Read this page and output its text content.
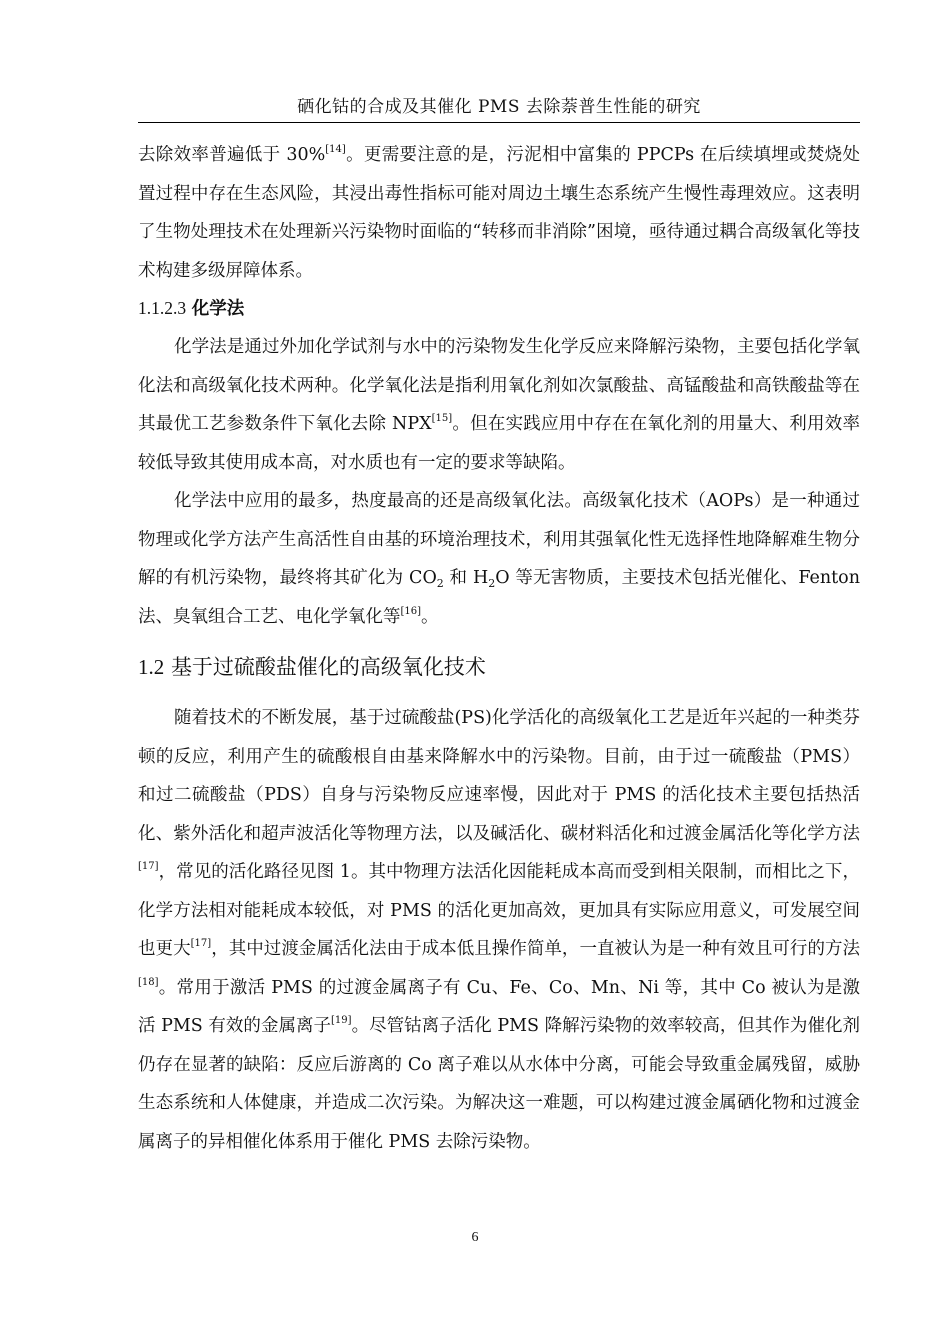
硒化钴的合成及其催化 PMS 去除萘普生性能的研究

去除效率普遍低于 30%[14]。更需要注意的是，污泥相中富集的 PPCPs 在后续填埋或焚烧处置过程中存在生态风险，其浸出毒性指标可能对周边土壤生态系统产生慢性毒理效应。这表明了生物处理技术在处理新兴污染物时面临的“转移而非消除”困境，亟待通过耦合高级氧化等技术构建多级屏障体系。

1.1.2.3 化学法

化学法是通过外加化学试剂与水中的污染物发生化学反应来降解污染物，主要包括化学氧化法和高级氧化技术两种。化学氧化法是指利用氧化剂如次氯酸盐、高锰酸盐和高铁酸盐等在其最优工艺参数条件下氧化去除 NPX[15]。但在实践应用中存在在氧化剂的用量大、利用效率较低导致其使用成本高，对水质也有一定的要求等缺陷。

化学法中应用的最多，热度最高的还是高级氧化法。高级氧化技术（AOPs）是一种通过物理或化学方法产生高活性自由基的环境治理技术，利用其强氧化性无选择性地降解难生物分解的有机污染物，最终将其矿化为 $CO_2$ 和 $H_2O$ 等无害物质，主要技术包括光催化、Fenton 法、臭氧组合工艺、电化学氧化等[16]。

1.2 基于过硫酸盐催化的高级氧化技术

随着技术的不断发展，基于过硫酸盐(PS)化学活化的高级氧化工艺是近年兴起的一种类芬顿的反应，利用产生的硫酸根自由基来降解水中的污染物。目前，由于过一硫酸盐（PMS）和过二硫酸盐（PDS）自身与污染物反应速率慢，因此对于 PMS 的活化技术主要包括热活化、紫外活化和超声波活化等物理方法，以及碱活化、碳材料活化和过渡金属活化等化学方法[17]，常见的活化路径见图 1。其中物理方法活化因能耗成本高而受到相关限制，而相比之下，化学方法相对能耗成本较低，对 PMS 的活化更加高效，更加具有实际应用意义，可发展空间也更大[17]，其中过渡金属活化法由于成本低且操作简单，一直被认为是一种有效且可行的方法[18]。常用于激活 PMS 的过渡金属离子有 Cu、Fe、Co、Mn、Ni 等，其中 Co 被认为是激活 PMS 有效的金属离子[19]。尽管钴离子活化 PMS 降解污染物的效率较高，但其作为催化剂仍存在显著的缺陷：反应后游离的 Co 离子难以从水体中分离，可能会导致重金属残留，威胁生态系统和人体健康，并造成二次污染。为解决这一难题，可以构建过渡金属硒化物和过渡金属离子的异相催化体系用于催化 PMS 去除污染物。

6
